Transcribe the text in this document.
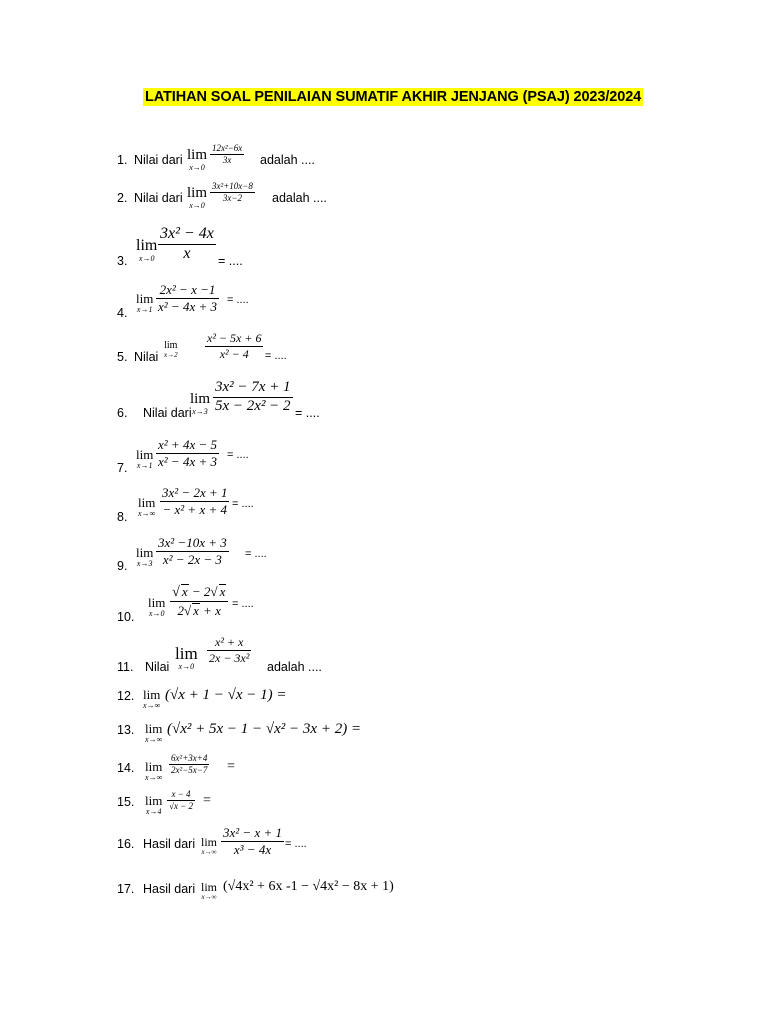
LATIHAN SOAL PENILAIAN SUMATIF AKHIR JENJANG (PSAJ) 2023/2024
1. Nilai dari lim
x→0
$\frac{\text{12x²−6x}}{3x}$ adalah ....
2. Nilai dari lim
x→0
$\frac{\text{3x²+10x−8}}{3x-2}$ adalah ....
3.
lim
$x\to 0 \frac{\text{3x² − 4x}}{x}$ = ....
4.
lim
$x\to 1 \frac{\text{2x² − x −1}}{\text{x² − 4x + 3}}$ = ....
5. Nilai
lim
$x\to 2 \frac{\text{x² − 5x + 6}}{\text{x² − 4}}$ = ....
6. Nilai dari
lim
$x\to 3 \frac{\text{3x² − 7x + 1}}{\text{5x − 2x² − 2}}$ = ....
7.
lim
$x\to 1 \frac{\text{x² + 4x − 5}}{\text{x² − 4x + 3}}$ = ....
8.
lim
$x\to\infty \frac{\text{3x² − 2x + 1}}{\text{− x² + x + 4}}$ = ....
9.
lim
$x\to 3 \frac{\text{3x² −10x + 3}}{\text{x² − 2x − 3}}$ = ....
10.
lim
$x\to 0 \frac{√ x - 2√ x}{2√ x + x}$ = ....
11. Nilai
lim
x→0
$\frac{\text{x² + x}}{\text{2x − 3x²}}$
adalah ....
12. lim
x→∞
(√x + 1 − √x − 1) =
13. lim
x→∞
(√x² + 5x − 1 − √x² − 3x + 2) =
14. lim
x→∞
$\frac{\text{6x²+3x+4}}{\text{2x²−5x−7}}$ =
15. lim
$x\to 4 \frac{x - 4}{√x - 2}$ =
16. Hasil dari lim
$x\to\infty \frac{\text{3x² − x + 1}}{\text{x³ − 4x}}$ = ....
17. Hasil dari lim
x→∞
(√4x² + 6x -1 − √4x² − 8x + 1)
